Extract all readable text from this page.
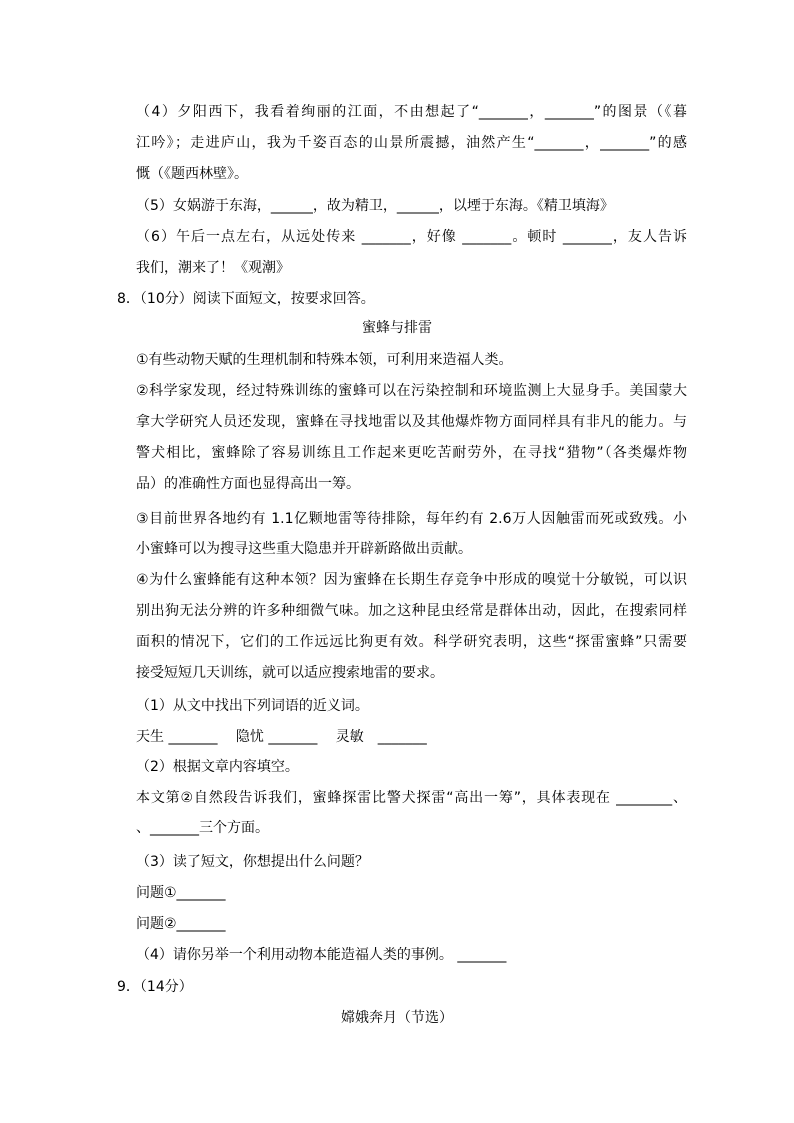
（4）夕阳西下，我看着绚丽的江面，不由想起了“_______，_______”的图景（《暮
江吟》；走进庐山，我为千姿百态的山景所震撼，油然产生“_______，_______”的感
慨（《题西林壁》。
（5）女娲游于东海，______，故为精卫，______，以堙于东海。《精卫填海》
（6）午后一点左右，从远处传来 _______，好像 _______。顿时 _______，友人告诉
我们，潮来了！《观潮》
8．（10分）阅读下面短文，按要求回答。
蜜蜂与排雷
①有些动物天赋的生理机制和特殊本领，可利用来造福人类。
②科学家发现，经过特殊训练的蜜蜂可以在污染控制和环境监测上大显身手。美国蒙大
拿大学研究人员还发现，蜜蜂在寻找地雷以及其他爆炸物方面同样具有非凡的能力。与
警犬相比，蜜蜂除了容易训练且工作起来更吃苦耐劳外，在寻找“猎物”（各类爆炸物
品）的准确性方面也显得高出一筹。
③目前世界各地约有 1.1亿颗地雷等待排除，每年约有 2.6万人因触雷而死或致残。小
小蜜蜂可以为搜寻这些重大隐患并开辟新路做出贡献。
④为什么蜜蜂能有这种本领？因为蜜蜂在长期生存竞争中形成的嗅觉十分敏锐，可以识
别出狗无法分辨的许多种细微气味。加之这种昆虫经常是群体出动，因此，在搜索同样
面积的情况下，它们的工作远远比狗更有效。科学研究表明，这些“探雷蜜蜂”只需要
接受短短几天训练，就可以适应搜索地雷的要求。
（1）从文中找出下列词语的近义词。
天生 _______　 隐忧 _______　 灵敏　_______
（2）根据文章内容填空。
本文第②自然段告诉我们，蜜蜂探雷比警犬探雷“高出一筹”，具体表现在 ________、
、_______三个方面。
（3）读了短文，你想提出什么问题？
问题①_______
问题②_______
（4）请你另举一个利用动物本能造福人类的事例。 _______
9．（14分）
嫦娥奔月（节选）
